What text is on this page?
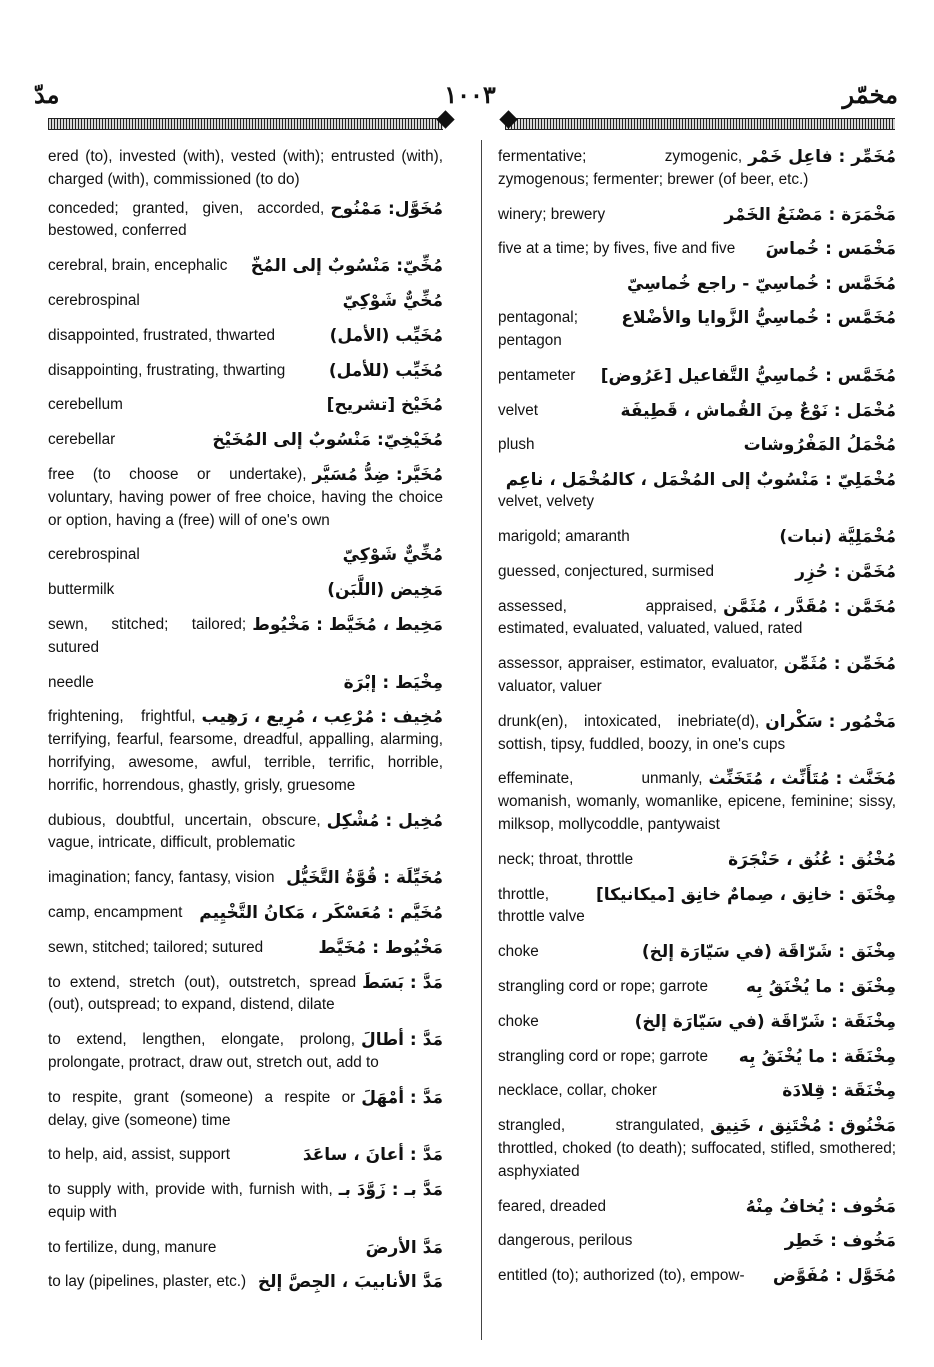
مدّ	١٠٠٣	مخمّر
ered (to), invested (with), vested (with); entrusted (with), charged (with), commissioned (to do)
مُخَوَّل: مَمْنُوح
conceded; granted, given, accorded, bestowed, conferred
مُخِّيّ: مَنْسُوبٌ إلى المُخّ
cerebral, brain, encephalic
مُخِّيٌّ شَوْكِيّ
cerebrospinal
مُخَيِّب (الأمل)
disappointed, frustrated, thwarted
مُخَيِّب (للأمل)
disappointing, frustrating, thwarting
مُخَيْخ [تشريح]
cerebellum
مُخَيْخِيّ: مَنْسُوبٌ إلى المُخَيْخ
cerebellar
مُخَيَّر: ضِدُّ مُسَيَّر
free (to choose or undertake), voluntary, having power of free choice, having the choice or option, having a (free) will of one's own
مُخِّيٌّ شَوْكِيّ
cerebrospinal
مَخِيض (اللَّبَن)
buttermilk
مَخِيط ، مُخَيَّط : مَخْيُوط
sewn, stitched; tailored; sutured
مِخْيَط : إبْرَة
needle
مُخِيف : مُرْعِب ، مُرِيع ، رَهِيب
frightening, frightful, terrifying, fearful, fearsome, dreadful, appalling, alarming, horrifying, awesome, awful, terrible, terrific, horrible, horrific, horrendous, ghastly, grisly, gruesome
مُخِيل : مُشْكِل
dubious, doubtful, uncertain, obscure, vague, intricate, difficult, problematic
مُخَيِّلَة : قُوَّةُ التَّخَيُّل
imagination; fancy, fantasy, vision
مُخَيَّم : مُعَسْكَر ، مَكانُ التَّخْيِيم
camp, encampment
مَخْيُوط : مُخَيَّط
sewn, stitched; tailored; sutured
مَدَّ : بَسَطَ
to extend, stretch (out), outstretch, spread (out), outspread; to expand, distend, dilate
مَدَّ : أطالَ
to extend, lengthen, elongate, prolong, prolongate, protract, draw out, stretch out, add to
مَدَّ : أمْهَلَ
to respite, grant (someone) a respite or delay, give (someone) time
مَدَّ : أعانَ ، ساعَدَ
to help, aid, assist, support
مَدَّ بـ : زَوَّدَ بـ
to supply with, provide with, furnish with, equip with
مَدَّ الأرضَ
to fertilize, dung, manure
مَدَّ الأنابيبَ ، الجِصَّ إلخ
to lay (pipelines, plaster, etc.)
مُخَمِّر : فاعِل خَمْر
fermentative; zymogenic, zymogenous; fermenter; brewer (of beer, etc.)
مَخْمَرَة : مَصْنَعُ الخَمْر
winery; brewery
مَخْمَس : خُماسَ
five at a time; by fives, five and five
مُخَمَّس : خُماسِيّ - راجع خُماسِيّ
مُخَمَّس : خُماسِيُّ الزَّوايا والأضْلاع
pentagonal; pentagon
مُخَمَّس : خُماسِيُّ التَّفاعيل [عَرُوض]
pentameter
مُخْمَل : نَوْعٌ مِنَ القُماش ، قَطِيفَة
velvet
مُخْمَلُ المَفْرُوشات
plush
مُخْمَلِيّ : مَنْسُوبٌ إلى المُخْمَل ، كالمُخْمَل ، ناعِم
velvet, velvety
مُخْمَلِيَّة (نبات)
marigold; amaranth
مُخَمَّن : حُزِر
guessed, conjectured, surmised
مُخَمَّن : مُقَدَّر ، مُثَمَّن
assessed, appraised, estimated, evaluated, valuated, valued, rated
مُخَمِّن : مُثَمِّن
assessor, appraiser, estimator, evaluator, valuator, valuer
مَخْمُور : سَكْران
drunk(en), intoxicated, inebriate(d), sottish, tipsy, fuddled, boozy, in one's cups
مُخَنَّث : مُتَأَنِّث ، مُتَخَنِّث
effeminate, unmanly, womanish, womanly, womanlike, epicene, feminine; sissy, milksop, mollycoddle, pantywaist
مُخْنُق : عُنُق ، حَنْجَرَة
neck; throat, throttle
مِخْنَق : خانِق ، صِمامٌ خانِق [ميكانيكا]
throttle, throttle valve
مِخْنَق : شَرّاقَة (في سَيّارَة إلخ)
choke
مِخْنَق : ما يُخْنَقُ بِه
strangling cord or rope; garrote
مِخْنَقَة : شَرّاقَة (في سَيّارَة إلخ)
choke
مِخْنَقَة : ما يُخْنَقُ بِه
strangling cord or rope; garrote
مِخْنَقَة : قِلادَة
necklace, collar, choker
مَخْنُوق : مُخْتَنِق ، خَنِيق
strangled, strangulated, throttled, choked (to death); suffocated, stifled, smothered; asphyxiated
مَخُوف : يُخافُ مِنْهُ
feared, dreaded
مَخُوف : خَطِر
dangerous, perilous
مُخَوَّل : مُفَوَّض
entitled (to); authorized (to), empow-
